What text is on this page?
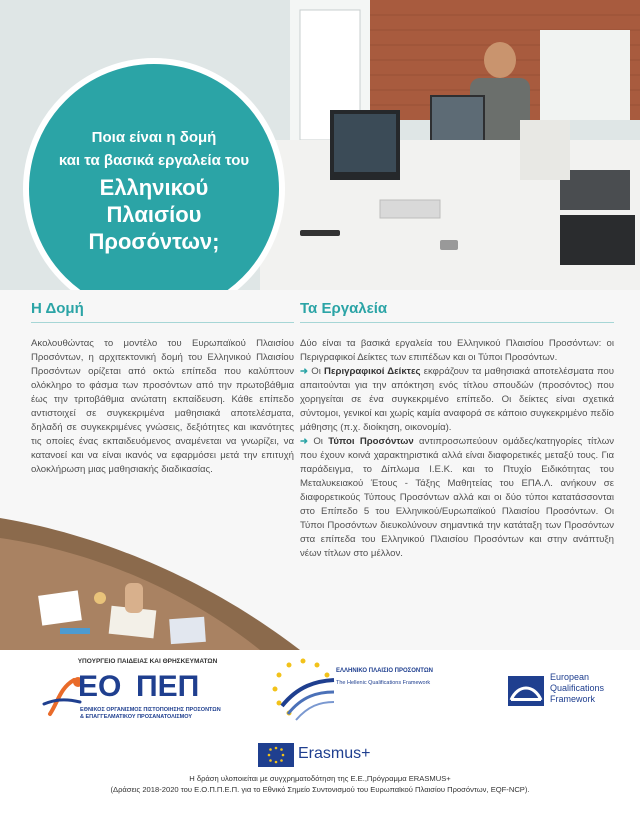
Ποια είναι η δομή
και τα βασικά εργαλεία του
Ελληνικού
Πλαισίου
Προσόντων;
Η Δομή

Ακολουθώντας το μοντέλο του Ευρωπαϊκού Πλαισίου Προσόντων, η αρχιτεκτονική δομή του Ελληνικού Πλαισίου Προσόντων ορίζεται από οκτώ επίπεδα που καλύπτουν ολόκληρο το φάσμα των προσόντων από την πρωτοβάθμια έως την τριτοβάθμια ανώτατη εκπαίδευση. Κάθε επίπεδο αντιστοιχεί σε συγκεκριμένα μαθησιακά αποτελέσματα, δηλαδή σε συγκεκριμένες γνώσεις, δεξιότητες και ικανότητες τις οποίες ένας εκπαιδευόμενος αναμένεται να γνωρίζει, να κατανοεί και να είναι ικανός να εφαρμόσει μετά την επιτυχή ολοκλήρωση μιας μαθησιακής διαδικασίας.

Τα Εργαλεία

Δύο είναι τα βασικά εργαλεία του Ελληνικού Πλαισίου Προσόντων: οι Περιγραφικοί Δείκτες των επιπέδων και οι Τύποι Προσόντων.
➜ Οι Περιγραφικοί Δείκτες εκφράζουν τα μαθησιακά αποτελέσματα που απαιτούνται για την απόκτηση ενός τίτλου σπουδών (προσόντος) που χορηγείται σε ένα συγκεκριμένο επίπεδο. Οι δείκτες είναι σχετικά σύντομοι, γενικοί και χωρίς καμία αναφορά σε κάποιο συγκεκριμένο πεδίο μάθησης (π.χ. διοίκηση, οικονομία).
➜ Οι Τύποι Προσόντων αντιπροσωπεύουν ομάδες/κατηγορίες τίτλων που έχουν κοινά χαρακτηριστικά αλλά είναι διαφορετικές μεταξύ τους. Για παράδειγμα, το Δίπλωμα Ι.Ε.Κ. και το Πτυχίο Ειδικότητας του Μεταλυκειακού Έτους - Τάξης Μαθητείας του ΕΠΑ.Λ. ανήκουν σε διαφορετικούς Τύπους Προσόντων αλλά και οι δύο τύποι κατατάσσονται στο Επίπεδο 5 του Ελληνικού/Ευρωπαϊκού Πλαισίου Προσόντων. Οι Τύποι Προσόντων διευκολύνουν σημαντικά την κατάταξη των Προσόντων στα επίπεδα του Ελληνικού Πλαισίου Προσόντων και στην ανάπτυξη νέων τίτλων στο μέλλον.

ΥΠΟΥΡΓΕΙΟ ΠΑΙΔΕΙΑΣ ΚΑΙ ΘΡΗΣΚΕΥΜΑΤΩΝ
ΕΟ ΠΕΠ
ΕΘΝΙΚΟΣ ΟΡΓΑΝΙΣΜΟΣ ΠΙΣΤΟΠΟΙΗΣΗΣ ΠΡΟΣΟΝΤΩΝ
& ΕΠΑΓΓΕΛΜΑΤΙΚΟΥ ΠΡΟΣΑΝΑΤΟΛΙΣΜΟΥ
ΕΛΛΗΝΙΚΟ ΠΛΑΙΣΙΟ ΠΡΟΣΟΝΤΩΝ
The Hellenic Qualifications Framework
European
Qualifications
Framework
Erasmus+
Η δράση υλοποιείται με συγχρηματοδότηση της Ε.Ε.,Πρόγραμμα ERASMUS+
(Δράσεις 2018-2020 του Ε.Ο.Π.Π.Ε.Π. για το Εθνικό Σημείο Συντονισμού του Ευρωπαϊκού Πλαισίου Προσόντων, EQF-NCP).
